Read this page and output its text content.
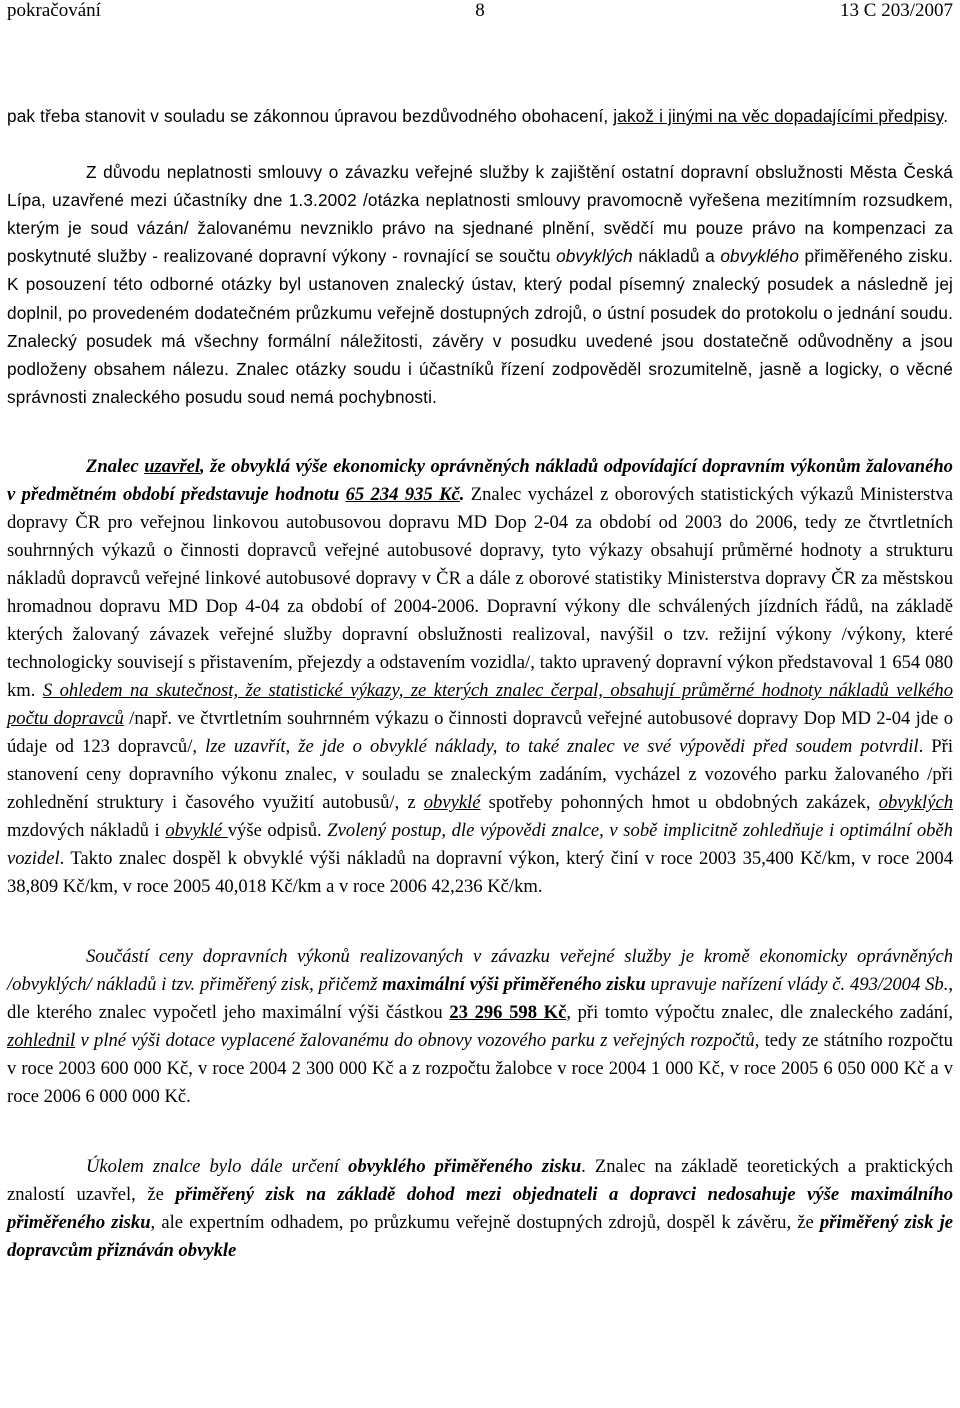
pokračování	8	13 C 203/2007

pak třeba stanovit v souladu se zákonnou úpravou bezdůvodného obohacení, jakož i jinými na věc dopadajícími předpisy.

Z důvodu neplatnosti smlouvy o závazku veřejné služby k zajištění ostatní dopravní obslužnosti Města Česká Lípa, uzavřené mezi účastníky dne 1.3.2002 /otázka neplatnosti smlouvy pravomocně vyřešena mezitímním rozsudkem, kterým je soud vázán/ žalovanému nevzniklo právo na sjednané plnění, svědčí mu pouze právo na kompenzaci za poskytnuté služby - realizované dopravní výkony - rovnající se součtu obvyklých nákladů a obvyklého přiměřeného zisku. K posouzení této odborné otázky byl ustanoven znalecký ústav, který podal písemný znalecký posudek a následně jej doplnil, po provedeném dodatečném průzkumu veřejně dostupných zdrojů, o ústní posudek do protokolu o jednání soudu. Znalecký posudek má všechny formální náležitosti, závěry v posudku uvedené jsou dostatečně odůvodněny a jsou podloženy obsahem nálezu. Znalec otázky soudu i účastníků řízení zodpověděl srozumitelně, jasně a logicky, o věcné správnosti znaleckého posudu soud nemá pochybnosti.

Znalec uzavřel, že obvyklá výše ekonomicky oprávněných nákladů odpovídající dopravním výkonům žalovaného v předmětném období představuje hodnotu 65 234 935 Kč. Znalec vycházel z oborových statistických výkazů Ministerstva dopravy ČR pro veřejnou linkovou autobusovou dopravu MD Dop 2-04 za období od 2003 do 2006, tedy ze čtvrtletních souhrnných výkazů o činnosti dopravců veřejné autobusové dopravy, tyto výkazy obsahují průměrné hodnoty a strukturu nákladů dopravců veřejné linkové autobusové dopravy v ČR a dále z oborové statistiky Ministerstva dopravy ČR za městskou hromadnou dopravu MD Dop 4-04 za období of 2004-2006. Dopravní výkony dle schválených jízdních řádů, na základě kterých žalovaný závazek veřejné služby dopravní obslužnosti realizoval, navýšil o tzv. režijní výkony /výkony, které technologicky souvisejí s přistavením, přejezdy a odstavením vozidla/, takto upravený dopravní výkon představoval 1 654 080 km. S ohledem na skutečnost, že statistické výkazy, ze kterých znalec čerpal, obsahují průměrné hodnoty nákladů velkého počtu dopravců /např. ve čtvrtletním souhrnném výkazu o činnosti dopravců veřejné autobusové dopravy Dop MD 2-04 jde o údaje od 123 dopravců/, lze uzavřít, že jde o obvyklé náklady, to také znalec ve své výpovědi před soudem potvrdil. Při stanovení ceny dopravního výkonu znalec, v souladu se znaleckým zadáním, vycházel z vozového parku žalovaného /při zohlednění struktury i časového využití autobusů/, z obvyklé spotřeby pohonných hmot u obdobných zakázek, obvyklých mzdových nákladů i obvyklé výše odpisů. Zvolený postup, dle výpovědi znalce, v sobě implicitně zohledňuje i optimální oběh vozidel. Takto znalec dospěl k obvyklé výši nákladů na dopravní výkon, který činí v roce 2003 35,400 Kč/km, v roce 2004 38,809 Kč/km, v roce 2005 40,018 Kč/km a v roce 2006 42,236 Kč/km.

Součástí ceny dopravních výkonů realizovaných v závazku veřejné služby je kromě ekonomicky oprávněných /obvyklých/ nákladů i tzv. přiměřený zisk, přičemž maximální výši přiměřeného zisku upravuje nařízení vlády č. 493/2004 Sb., dle kterého znalec vypočetl jeho maximální výši částkou 23 296 598 Kč, při tomto výpočtu znalec, dle znaleckého zadání, zohlednil v plné výši dotace vyplacené žalovanému do obnovy vozového parku z veřejných rozpočtů, tedy ze státního rozpočtu v roce 2003 600 000 Kč, v roce 2004 2 300 000 Kč a z rozpočtu žalobce v roce 2004 1 000 Kč, v roce 2005 6 050 000 Kč a v roce 2006 6 000 000 Kč.

Úkolem znalce bylo dále určení obvyklého přiměřeného zisku. Znalec na základě teoretických a praktických znalostí uzavřel, že přiměřený zisk na základě dohod mezi objednateli a dopravci nedosahuje výše maximálního přiměřeného zisku, ale expertním odhadem, po průzkumu veřejně dostupných zdrojů, dospěl k závěru, že přiměřený zisk je dopravcům přiznáván obvykle
